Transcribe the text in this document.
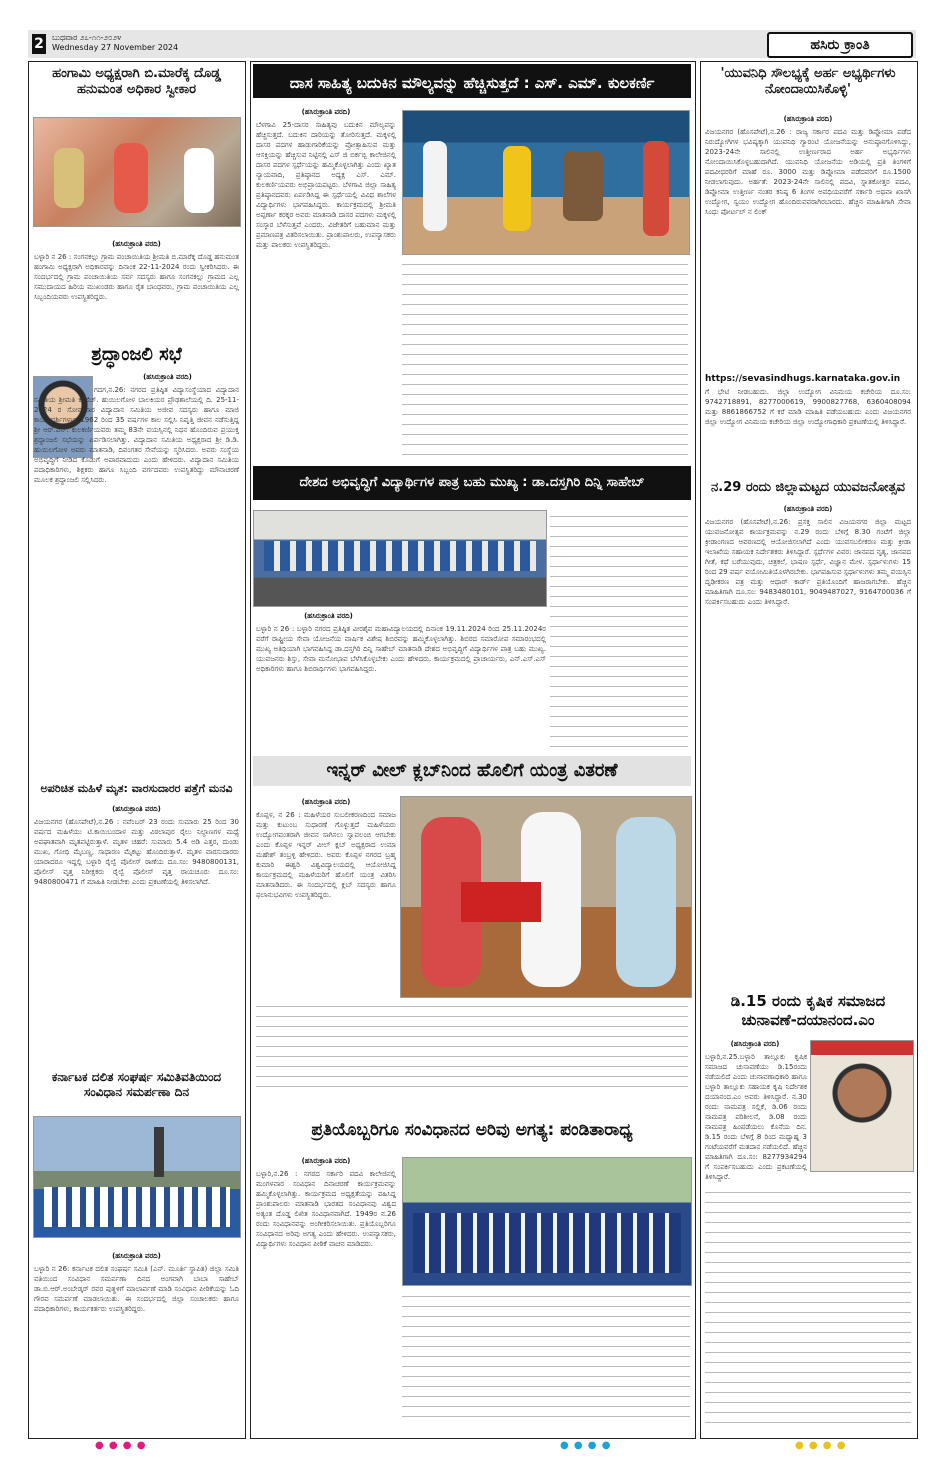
2 ಬುಧವಾರ ೨೭-೧೧-೨೦೨೪
Wednesday 27 November 2024	ಹಸಿರು ಕ್ರಾಂತಿ
ಹಂಗಾಮಿ ಅಧ್ಯಕ್ಷರಾಗಿ ಬಿ.ಮಾರೆಕ್ಕ ದೊಡ್ಡ ಹನುಮಂತ ಅಧಿಕಾರ ಸ್ವೀಕಾರ
(ಹಸಿರುಕ್ರಾಂತಿ ವರದಿ)
ಬಳ್ಳಾರಿ ನ 26 : ಸಂಗನಕಲ್ಲು ಗ್ರಾಮ ಪಂಚಾಯಿತಿಯ ಶ್ರೀಮತಿ ಬಿ.ಮಾರೆಕ್ಕ ದೊಡ್ಡ ಹನುಮಂತ ಹಂಗಾಮಿ ಅಧ್ಯಕ್ಷರಾಗಿ ಅಧಿಕಾರವನ್ನು ದಿನಾಂಕ 22-11-2024 ರಂದು ಸ್ವೀಕರಿಸಿದರು. ಈ ಸಂದರ್ಭದಲ್ಲಿ ಗ್ರಾಮ ಪಂಚಾಯಿತಿಯ ಸರ್ವ ಸದಸ್ಯರು ಹಾಗೂ ಸಂಗನಕಲ್ಲು ಗ್ರಾಮದ ಎಲ್ಲ ಸಮುದಾಯದ ಹಿರಿಯ ಮುಖಂಡರು ಹಾಗೂ ರೈತ ಬಾಂಧವರು, ಗ್ರಾಮ ಪಂಚಾಯಿತಿಯ ಎಲ್ಲ ಸಿಬ್ಬಂದಿಯವರು ಉಪಸ್ಥಿತರಿದ್ದರು.
ಶ್ರದ್ಧಾಂಜಲಿ ಸಭೆ
(ಹಸಿರುಕ್ರಾಂತಿ ವರದಿ)
ಗದಗ,ನ.26: ನಗರದ ಪ್ರತಿಷ್ಠಿತ ವಿದ್ಯಾಸಂಸ್ಥೆಯಾದ ವಿದ್ಯಾದಾನ ಸಮಿತಿಯ ಶ್ರೀಮತಿ ಕೆ.ಹೆಚ್. ಹುಯಿಲಗೋಳ ಬಾಲಕಿಯರ ಪ್ರೌಢಶಾಲೆಯಲ್ಲಿ ದಿ. 25-11-2024 ರ ಸೋಮವಾರ ವಿದ್ಯಾದಾನ ಸಮಿತಿಯ ಅಜೀವ ಸದಸ್ಯರು ಹಾಗೂ ಮಾಜಿ ಕಾರ್ಯದರ್ಶಿಗಳಾದ 1962 ರಿಂದ 35 ವರ್ಷಗಳ ಕಾಲ ಸಲ್ಲಿಸಿ ನಿವೃತ್ತಿ ಜೀವನ ನಡೆಸುತ್ತಿದ್ದ ಶ್ರೀ ಆರ್.ಎನ್. ಕುಲಕರ್ಣಿಯವರು ತಮ್ಮ 83ನೇ ವಯಸ್ಸಿನಲ್ಲಿ ನಿಧನ ಹೊಂದಿರುವ ಪ್ರಯುಕ್ತ ಶ್ರದ್ಧಾಂಜಲಿ ಸಭೆಯನ್ನು ಏರ್ಪಡಿಸಲಾಗಿತ್ತು. ವಿದ್ಯಾದಾನ ಸಮಿತಿಯ ಅಧ್ಯಕ್ಷರಾದ ಶ್ರೀ ಡಿ.ಡಿ. ಹುಯಿಲಗೋಳ ಅವರು ಮಾತನಾಡಿ, ದಿವಂಗತರ ಸೇವೆಯನ್ನು ಸ್ಮರಿಸಿದರು. ಅವರು ಸಂಸ್ಥೆಯ ಅಭಿವೃದ್ಧಿಗೆ ನೀಡಿದ ಕೊಡುಗೆ ಅಪಾರವಾದುದು ಎಂದು ಹೇಳಿದರು. ವಿದ್ಯಾದಾನ ಸಮಿತಿಯ ಪದಾಧಿಕಾರಿಗಳು, ಶಿಕ್ಷಕರು ಹಾಗೂ ಸಿಬ್ಬಂದಿ ವರ್ಗದವರು ಉಪಸ್ಥಿತರಿದ್ದು ಮೌನಾಚರಣೆ ಮೂಲಕ ಶ್ರದ್ಧಾಂಜಲಿ ಸಲ್ಲಿಸಿದರು.
ಅಪರಿಚಿತ ಮಹಿಳೆ ಮೃತ: ವಾರಸುದಾರರ ಪತ್ತೆಗೆ ಮನವಿ
(ಹಸಿರುಕ್ರಾಂತಿ ವರದಿ)
ವಿಜಯನಗರ (ಹೊಸಪೇಟೆ),ನ.26 : ನವೆಂಬರ್ 23 ರಂದು ಸುಮಾರು 25 ರಿಂದ 30 ವರ್ಷದ ಮಹಿಳೆಯು ಟಿ.ಕಾಯಿಬಂದಾಳ ಮತ್ತು ವಿಠಲಾಪುರ ರೈಲು ನಿಲ್ದಾಣಗಳ ಮಧ್ಯೆ ಅಪಘಾತವಾಗಿ ಮೃತಪಟ್ಟಿರುತ್ತಾಳೆ. ಮೃತಳ ಚಹರೆ: ಸುಮಾರು 5.4 ಅಡಿ ಎತ್ತರ, ದುಂಡು ಮುಖ, ಗೋಧಿ ಮೈಬಣ್ಣ, ಸಾಧಾರಣ ಮೈಕಟ್ಟು ಹೊಂದಿರುತ್ತಾಳೆ. ಮೃತಳ ವಾರಸುದಾರರು ಯಾರಾದರೂ ಇದ್ದಲ್ಲಿ ಬಳ್ಳಾರಿ ರೈಲ್ವೆ ಪೊಲೀಸ್ ಠಾಣೆಯ ದೂ.ಸಂ: 9480800131, ಪೊಲೀಸ್ ವೃತ್ತ ನಿರೀಕ್ಷಕರು ರೈಲ್ವೆ ಪೊಲೀಸ್ ವೃತ್ತ ರಾಯಚೂರು ದೂ.ಸಂ: 9480800471 ಗೆ ಮಾಹಿತಿ ನೀಡಬೇಕು ಎಂದು ಪ್ರಕಟಣೆಯಲ್ಲಿ ತಿಳಿಸಲಾಗಿದೆ.
ಕರ್ನಾಟಕ ದಲಿತ ಸಂಘರ್ಷ ಸಮಿತಿವತಿಯಿಂದ ಸಂವಿಧಾನ ಸಮರ್ಪಣಾ ದಿನ
(ಹಸಿರುಕ್ರಾಂತಿ ವರದಿ)
ಬಳ್ಳಾರಿ ನ 26: ಕರ್ನಾಟಕ ದಲಿತ ಸಂಘರ್ಷ ಸಮಿತಿ (ಎನ್. ಮೂರ್ತಿ ಸ್ಥಾಪಿತ) ಜಿಲ್ಲಾ ಸಮಿತಿ ವತಿಯಿಂದ ಸಂವಿಧಾನ ಸಮರ್ಪಣಾ ದಿನದ ಅಂಗವಾಗಿ ಬಾಬಾ ಸಾಹೇಬ್ ಡಾ.ಬಿ.ಆರ್.ಅಂಬೇಡ್ಕರ್ ರವರ ಪುತ್ಥಳಿಗೆ ಮಾಲಾರ್ಪಣೆ ಮಾಡಿ ಸಂವಿಧಾನ ಪೀಠಿಕೆಯನ್ನು ಓದಿ ಗೌರವ ಸಮರ್ಪಣೆ ಮಾಡಲಾಯಿತು. ಈ ಸಂದರ್ಭದಲ್ಲಿ ಜಿಲ್ಲಾ ಸಂಚಾಲಕರು ಹಾಗೂ ಪದಾಧಿಕಾರಿಗಳು, ಕಾರ್ಯಕರ್ತರು ಉಪಸ್ಥಿತರಿದ್ದರು.
ದಾಸ ಸಾಹಿತ್ಯ ಬದುಕಿನ ಮೌಲ್ಯವನ್ನು ಹೆಚ್ಚಿಸುತ್ತದೆ : ಎಸ್. ಎಮ್. ಕುಲಕರ್ಣಿ
(ಹಸಿರುಕ್ರಾಂತಿ ವರದಿ)
ಬೆಳಗಾವಿ 25-ದಾಸರ ಸಾಹಿತ್ಯವು ಬದುಕಿನ ಮೌಲ್ಯವನ್ನು ಹೆಚ್ಚಿಸುತ್ತದೆ. ಬದುಕಿನ ದಾರಿಯನ್ನು ತೋರಿಸುತ್ತದೆ. ಮಕ್ಕಳಲ್ಲಿ ದಾಸರ ಪದಗಳ ಹಾಡುಗಾರಿಕೆಯನ್ನು ಪ್ರೋತ್ಸಾಹಿಸುವ ಮತ್ತು ಆಸಕ್ತಿಯನ್ನು ಹೆಚ್ಚಿಸುವ ನಿಟ್ಟಿನಲ್ಲಿ ಎಸ್ ಜಿ ಬಿರ್ಕಬ್ಬಿ ಕಾಲೇಜಿನಲ್ಲಿ ದಾಸರ ಪದಗಳ ಸ್ಪರ್ಧೆಯನ್ನು ಹಮ್ಮಿಕೊಳ್ಳಲಾಗಿತ್ತು ಎಂದು ಖ್ಯಾತ ನ್ಯಾಯವಾದಿ, ಪ್ರತಿಷ್ಠಾನದ ಅಧ್ಯಕ್ಷ ಎಸ್. ಎಮ್. ಕುಲಕರ್ಣಿಯವರು ಅಭಿಪ್ರಾಯಪಟ್ಟರು. ಬೆಳಗಾವಿ ಜಿಲ್ಲಾ ಸಾಹಿತ್ಯ ಪ್ರತಿಷ್ಠಾನದವರು ಏರ್ಪಡಿಸಿದ್ದ ಈ ಸ್ಪರ್ಧೆಯಲ್ಲಿ ವಿವಿಧ ಶಾಲೆಗಳ ವಿದ್ಯಾರ್ಥಿಗಳು ಭಾಗವಹಿಸಿದ್ದರು. ಕಾರ್ಯಕ್ರಮದಲ್ಲಿ ಶ್ರೀಮತಿ ಅಪ್ಪರ್ಣಾ ಕರಕ್ಕರ ಅವರು ಮಾತನಾಡಿ ದಾಸರ ಪದಗಳು ಮಕ್ಕಳಲ್ಲಿ ಸಂಸ್ಕಾರ ಬೆಳೆಸುತ್ತವೆ ಎಂದರು. ವಿಜೇತರಿಗೆ ಬಹುಮಾನ ಮತ್ತು ಪ್ರಮಾಣಪತ್ರ ವಿತರಿಸಲಾಯಿತು. ಪ್ರಾಂಶುಪಾಲರು, ಉಪನ್ಯಾಸಕರು ಮತ್ತು ಪಾಲಕರು ಉಪಸ್ಥಿತರಿದ್ದರು.
ದೇಶದ ಅಭಿವೃದ್ಧಿಗೆ ವಿದ್ಯಾರ್ಥಿಗಳ ಪಾತ್ರ ಬಹು ಮುಖ್ಯ : ಡಾ.ದಸ್ತಗಿರಿ ದಿನ್ನಿ ಸಾಹೇಬ್
(ಹಸಿರುಕ್ರಾಂತಿ ವರದಿ)
ಬಳ್ಳಾರಿ ನ 26 : ಬಳ್ಳಾರಿ ನಗರದ ಪ್ರತಿಷ್ಠಿತ ವೀರಶೈವ ಮಹಾವಿದ್ಯಾಲಯದಲ್ಲಿ ದಿನಾಂಕ 19.11.2024 ರಿಂದ 25.11.2024ರ ವರೆಗೆ ರಾಷ್ಟ್ರೀಯ ಸೇವಾ ಯೋಜನೆಯ ವಾರ್ಷಿಕ ವಿಶೇಷ ಶಿಬಿರವನ್ನು ಹಮ್ಮಿಕೊಳ್ಳಲಾಗಿತ್ತು. ಶಿಬಿರದ ಸಮಾರೋಪ ಸಮಾರಂಭದಲ್ಲಿ ಮುಖ್ಯ ಅತಿಥಿಯಾಗಿ ಭಾಗವಹಿಸಿದ್ದ ಡಾ.ದಸ್ತಗಿರಿ ದಿನ್ನಿ ಸಾಹೇಬ್ ಮಾತನಾಡಿ ದೇಶದ ಅಭಿವೃದ್ಧಿಗೆ ವಿದ್ಯಾರ್ಥಿಗಳ ಪಾತ್ರ ಬಹು ಮುಖ್ಯ. ಯುವಜನರು ಶಿಸ್ತು, ಸೇವಾ ಮನೋಭಾವ ಬೆಳೆಸಿಕೊಳ್ಳಬೇಕು ಎಂದು ಹೇಳಿದರು. ಕಾರ್ಯಕ್ರಮದಲ್ಲಿ ಪ್ರಾಚಾರ್ಯರು, ಎನ್.ಎಸ್.ಎಸ್ ಅಧಿಕಾರಿಗಳು ಹಾಗೂ ಶಿಬಿರಾರ್ಥಿಗಳು ಭಾಗವಹಿಸಿದ್ದರು.
ಇನ್ನರ್ ವೀಲ್ ಕ್ಲಬ್‌ನಿಂದ ಹೊಲಿಗೆ ಯಂತ್ರ ವಿತರಣೆ
(ಹಸಿರುಕ್ರಾಂತಿ ವರದಿ)
ಕೊಪ್ಪಳ, ನ 26 : ಮಹಿಳೆಯರ ಸುಬಲೀಕರಣದಿಂದ ಸಮಾಜ ಮತ್ತು ಕುಟುಂಬ ಸುಧಾರಣೆ ಗೊಳ್ಳುತ್ತದೆ ಮಹಿಳೆಯರು ಉದ್ಯೋಗವಂತರಾಗಿ ಜೀವನ ಸಾಗಿಸಲು ಸ್ವಾವಲಂಬಿ ಆಗಬೇಕು ಎಂದು ಕೊಪ್ಪಳ ಇನ್ನರ್ ವೀಲ್ ಕ್ಲಬ್ ಅಧ್ಯಕ್ಷರಾದ ಉಮಾ ಮಹೇಶ್ ತಂಬ್ರಳ್ಳಿ ಹೇಳಿದರು. ಅವರು ಕೊಪ್ಪಳ ನಗರದ ಬ್ರಹ್ಮ ಕುಮಾರಿ ಈಶ್ವರಿ ವಿಶ್ವವಿದ್ಯಾಲಯದಲ್ಲಿ ಆಯೋಜಿಸಿದ್ದ ಕಾರ್ಯಕ್ರಮದಲ್ಲಿ ಮಹಿಳೆಯರಿಗೆ ಹೊಲಿಗೆ ಯಂತ್ರ ವಿತರಿಸಿ ಮಾತನಾಡಿದರು. ಈ ಸಂದರ್ಭದಲ್ಲಿ ಕ್ಲಬ್ ಸದಸ್ಯರು ಹಾಗೂ ಫಲಾನುಭವಿಗಳು ಉಪಸ್ಥಿತರಿದ್ದರು.
ಪ್ರತಿಯೊಬ್ಬರಿಗೂ ಸಂವಿಧಾನದ ಅರಿವು ಅಗತ್ಯ: ಪಂಡಿತಾರಾಧ್ಯ
(ಹಸಿರುಕ್ರಾಂತಿ ವರದಿ)
ಬಳ್ಳಾರಿ,ನ.26 : ನಗರದ ಸರ್ಕಾರಿ ಪದವಿ ಕಾಲೇಜಿನಲ್ಲಿ ಮಂಗಳವಾರ ಸಂವಿಧಾನ ದಿನಾಚರಣೆ ಕಾರ್ಯಕ್ರಮವನ್ನು ಹಮ್ಮಿಕೊಳ್ಳಲಾಗಿತ್ತು. ಕಾರ್ಯಕ್ರಮದ ಅಧ್ಯಕ್ಷತೆಯನ್ನು ವಹಿಸಿದ್ದ ಪ್ರಾಂಶುಪಾಲರು ಮಾತನಾಡಿ ಭಾರತದ ಸಂವಿಧಾನವು ವಿಶ್ವದ ಅತ್ಯಂತ ದೊಡ್ಡ ಲಿಖಿತ ಸಂವಿಧಾನವಾಗಿದೆ. 1949ರ ನ.26 ರಂದು ಸಂವಿಧಾನವನ್ನು ಅಂಗೀಕರಿಸಲಾಯಿತು. ಪ್ರತಿಯೊಬ್ಬರಿಗೂ ಸಂವಿಧಾನದ ಅರಿವು ಅಗತ್ಯ ಎಂದು ಹೇಳಿದರು. ಉಪನ್ಯಾಸಕರು, ವಿದ್ಯಾರ್ಥಿಗಳು ಸಂವಿಧಾನ ಪೀಠಿಕೆ ವಾಚನ ಮಾಡಿದರು.
'ಯುವನಿಧಿ ಸೌಲಭ್ಯಕ್ಕೆ ಅರ್ಹ ಅಭ್ಯರ್ಥಿಗಳು ನೋಂದಾಯಿಸಿಕೊಳ್ಳಿ'
(ಹಸಿರುಕ್ರಾಂತಿ ವರದಿ)
ವಿಜಯನಗರ (ಹೊಸಪೇಟೆ),ನ.26 : ರಾಜ್ಯ ಸರ್ಕಾರ ಪದವಿ ಮತ್ತು ಡಿಪ್ಲೋಮಾ ಪಡೆದ ನಿರುದ್ಯೋಗಿಗಳ ಭವಿಷ್ಯಕ್ಕಾಗಿ ಯುವನಿಧಿ ಗ್ಯಾರಂಟಿ ಯೋಜನೆಯನ್ನು ಅನುಷ್ಠಾನಗೊಳಿಸಿದ್ದು, 2023-24ನೇ ಸಾಲಿನಲ್ಲಿ ಉತ್ತೀರ್ಣರಾದ ಅರ್ಹ ಅಭ್ಯರ್ಥಿಗಳು ನೋಂದಾಯಿಸಿಕೊಳ್ಳಬಹುದಾಗಿದೆ. ಯುವನಿಧಿ ಯೋಜನೆಯ ಅಡಿಯಲ್ಲಿ ಪ್ರತಿ ತಿಂಗಳಿಗೆ ಪದವೀಧರರಿಗೆ ಮಾಹೆ ರೂ. 3000 ಮತ್ತು ಡಿಪ್ಲೋಮಾ ಪಡೆದವರಿಗೆ ರೂ.1500 ನೀಡಲಾಗುವುದು. ಅರ್ಹತೆ: 2023-24ನೇ ಸಾಲಿನಲ್ಲಿ ಪದವಿ, ಸ್ನಾತಕೋತ್ತರ ಪದವಿ, ಡಿಪ್ಲೋಮಾ ಉತ್ತೀರ್ಣ ನಂತರ ಕನಿಷ್ಠ 6 ತಿಂಗಳ ಅವಧಿಯವರೆಗೆ ಸರ್ಕಾರಿ ಅಥವಾ ಖಾಸಗಿ ಉದ್ಯೋಗ, ಸ್ವಯಂ ಉದ್ಯೋಗ ಹೊಂದಿರುವವರಾಗಿರಬಾರದು. ಹೆಚ್ಚಿನ ಮಾಹಿತಿಗಾಗಿ ಸೇವಾ ಸಿಂಧು ಪೋರ್ಟಲ್ ನ ಲಿಂಕ್
https://sevasindhugs.karnataka.gov.in
ಗೆ ಭೇಟಿ ನೀಡಬಹುದು. ಜಿಲ್ಲಾ ಉದ್ಯೋಗ ವಿನಿಮಯ ಕಚೇರಿಯ ದೂ.ಸಂ: 9742718891, 8277000619, 9900827768, 6360408094 ಮತ್ತು 8861866752 ಗೆ ಕರೆ ಮಾಡಿ ಮಾಹಿತಿ ಪಡೆಯಬಹುದು ಎಂದು ವಿಜಯನಗರ ಜಿಲ್ಲಾ ಉದ್ಯೋಗ ವಿನಿಮಯ ಕಚೇರಿಯ ಜಿಲ್ಲಾ ಉದ್ಯೋಗಾಧಿಕಾರಿ ಪ್ರಕಟಣೆಯಲ್ಲಿ ತಿಳಿಸಿದ್ದಾರೆ.
ನ.29 ರಂದು ಜಿಲ್ಲಾಮಟ್ಟದ ಯುವಜನೋತ್ಸವ
(ಹಸಿರುಕ್ರಾಂತಿ ವರದಿ)
ವಿಜಯನಗರ (ಹೊಸಪೇಟೆ),ನ.26: ಪ್ರಸಕ್ತ ಸಾಲಿನ ವಿಜಯನಗರ ಜಿಲ್ಲಾ ಮಟ್ಟದ ಯುವಜನೋತ್ಸವ ಕಾರ್ಯಕ್ರಮವನ್ನು ನ.29 ರಂದು ಬೆಳಿಗ್ಗೆ 8.30 ಗಂಟೆಗೆ ಜಿಲ್ಲಾ ಕ್ರೀಡಾಂಗಣದ ಆವರಣದಲ್ಲಿ ಆಯೋಜಿಸಲಾಗಿದೆ ಎಂದು ಯುವಸಬಲೀಕರಣ ಮತ್ತು ಕ್ರೀಡಾ ಇಲಾಖೆಯ ಸಹಾಯಕ ನಿರ್ದೇಶಕರು ತಿಳಿಸಿದ್ದಾರೆ. ಸ್ಪರ್ಧೆಗಳ ವಿವರ: ಜಾನಪದ ನೃತ್ಯ, ಜಾನಪದ ಗೀತೆ, ಕಥೆ ಬರೆಯುವುದು, ಚಿತ್ರಕಲೆ, ಭಾಷಣ ಸ್ಪರ್ಧೆ, ವಿಜ್ಞಾನ ಮೇಳ. ಸ್ಪರ್ಧಾಳುಗಳು 15 ರಿಂದ 29 ವರ್ಷ ವಯೋಮಿತಿಯೊಳಗಿರಬೇಕು. ಭಾಗವಹಿಸುವ ಸ್ಪರ್ಧಾಳುಗಳು ತಮ್ಮ ವಯಸ್ಸಿನ ದೃಢೀಕರಣ ಪತ್ರ ಮತ್ತು ಆಧಾರ್ ಕಾರ್ಡ್ ಪ್ರತಿಯೊಂದಿಗೆ ಹಾಜರಾಗಬೇಕು. ಹೆಚ್ಚಿನ ಮಾಹಿತಿಗಾಗಿ ದೂ.ಸಂ: 9483480101, 9049487027, 9164700036 ಗೆ ಸಂಪರ್ಕಿಸಬಹುದು ಎಂದು ತಿಳಿಸಿದ್ದಾರೆ.
ಡಿ.15 ರಂದು ಕೃಷಿಕ ಸಮಾಜದ ಚುನಾವಣೆ-ದಯಾನಂದ.ಎಂ
(ಹಸಿರುಕ್ರಾಂತಿ ವರದಿ)
ಬಳ್ಳಾರಿ,ನ.25.ಬಳ್ಳಾರಿ ತಾಲ್ಲೂಕು ಕೃಷಿಕ ಸಮಾಜದ ಚುನಾವಣೆಯು ಡಿ.15ರಂದು ನಡೆಯಲಿದೆ ಎಂದು ಚುನಾವಣಾಧಿಕಾರಿ ಹಾಗೂ ಬಳ್ಳಾರಿ ತಾಲ್ಲೂಕು ಸಹಾಯಕ ಕೃಷಿ ನಿರ್ದೇಶಕ ದಯಾನಂದ.ಎಂ ಅವರು ತಿಳಿಸಿದ್ದಾರೆ. ನ.30 ರಂದು ನಾಮಪತ್ರ ಸಲ್ಲಿಕೆ, ಡಿ.06 ರಂದು ನಾಮಪತ್ರ ಪರಿಶೀಲನೆ, ಡಿ.08 ರಂದು ನಾಮಪತ್ರ ಹಿಂಪಡೆಯಲು ಕೊನೆಯ ದಿನ. ಡಿ.15 ರಂದು ಬೆಳಿಗ್ಗೆ 8 ರಿಂದ ಮಧ್ಯಾಹ್ನ 3 ಗಂಟೆಯವರೆಗೆ ಮತದಾನ ನಡೆಯಲಿದೆ. ಹೆಚ್ಚಿನ ಮಾಹಿತಿಗಾಗಿ ದೂ.ಸಂ: 8277934294 ಗೆ ಸಂಪರ್ಕಿಸಬಹುದು ಎಂದು ಪ್ರಕಟಣೆಯಲ್ಲಿ ತಿಳಿಸಿದ್ದಾರೆ.
● ● ● ●	● ● ● ●	● ● ● ●
